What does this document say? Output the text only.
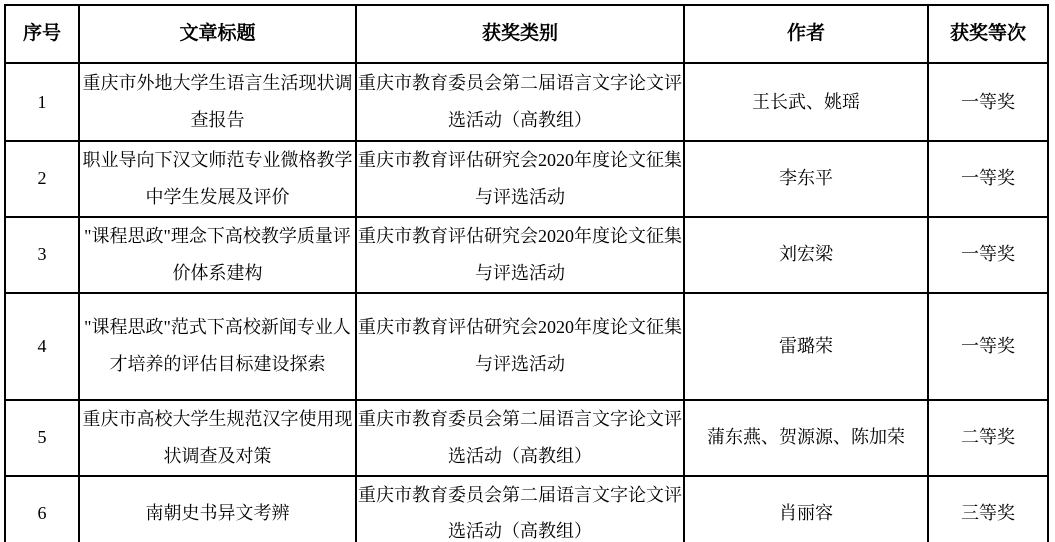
序号	文章标题	获奖类别	作者	获奖等次
1	重庆市外地大学生语言生活现状调查报告	重庆市教育委员会第二届语言文字论文评选活动（高教组）	王长武、姚瑶	一等奖
2	职业导向下汉文师范专业微格教学中学生发展及评价	重庆市教育评估研究会2020年度论文征集与评选活动	李东平	一等奖
3	"课程思政"理念下高校教学质量评价体系建构	重庆市教育评估研究会2020年度论文征集与评选活动	刘宏梁	一等奖
4	"课程思政"范式下高校新闻专业人才培养的评估目标建设探索	重庆市教育评估研究会2020年度论文征集与评选活动	雷璐荣	一等奖
5	重庆市高校大学生规范汉字使用现状调查及对策	重庆市教育委员会第二届语言文字论文评选活动（高教组）	蒲东燕、贺源源、陈加荣	二等奖
6	南朝史书异文考辨	重庆市教育委员会第二届语言文字论文评选活动（高教组）	肖丽容	三等奖
